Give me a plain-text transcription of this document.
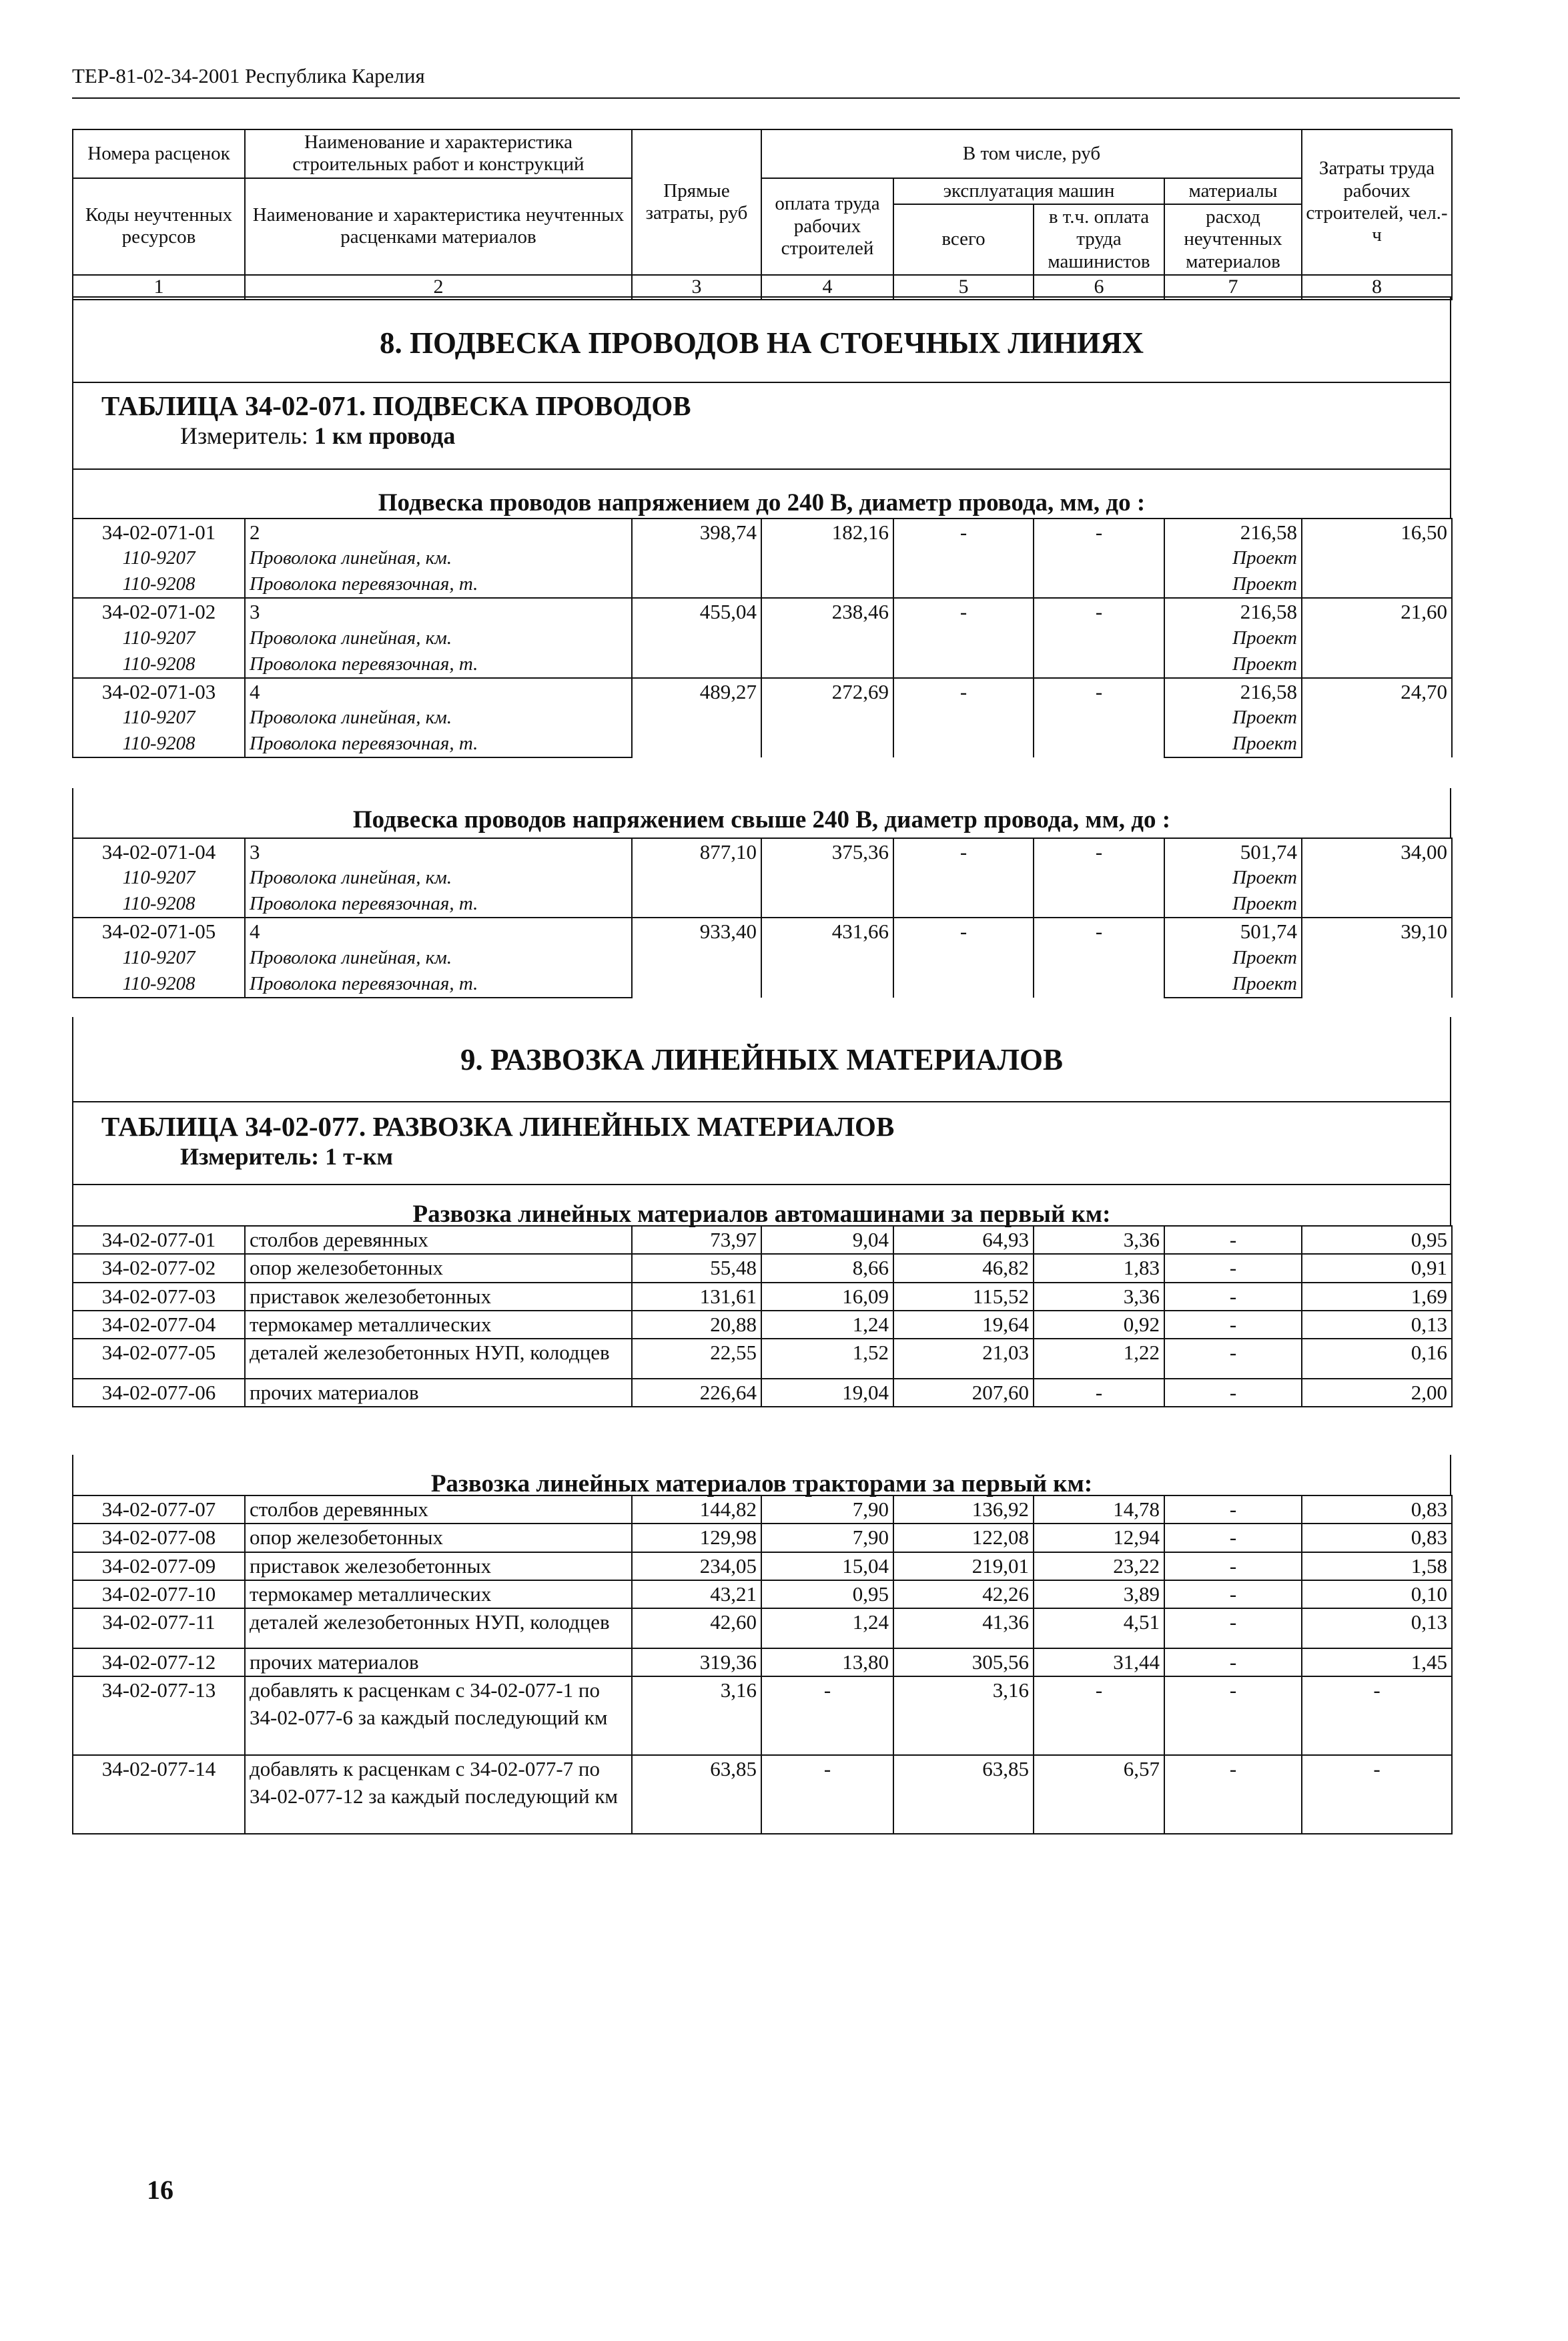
ТЕР-81-02-34-2001 Республика Карелия
Номера расценок	Наименование и характеристика строительных работ и конструкций	Прямые затраты, руб	В том числе, руб				Затраты труда рабочих строителей, чел.-ч
Коды неучтенных ресурсов	Наименование и характеристика неучтенных расценками материалов		оплата труда рабочих строителей	эксплуатация машин		материалы	
				всего	в т.ч. оплата труда машинистов	расход неучтенных материалов	

1	2	3	4	5	6	7	8
8. ПОДВЕСКА ПРОВОДОВ НА СТОЕЧНЫХ ЛИНИЯХ
ТАБЛИЦА 34-02-071. ПОДВЕСКА ПРОВОДОВ
Измеритель: 1 км провода
Подвеска проводов напряжением до 240 В, диаметр провода, мм, до :
34-02-071-01	2	398,74	182,16	-	-	216,58	16,50
110-9207	Проволока линейная, км.					Проект	
110-9208	Проволока перевязочная, т.					Проект	
34-02-071-02	3	455,04	238,46	-	-	216,58	21,60
110-9207	Проволока линейная, км.					Проект	
110-9208	Проволока перевязочная, т.					Проект	
34-02-071-03	4	489,27	272,69	-	-	216,58	24,70
110-9207	Проволока линейная, км.					Проект	
110-9208	Проволока перевязочная, т.					Проект	
Подвеска проводов напряжением свыше 240 В, диаметр провода, мм, до :
34-02-071-04	3	877,10	375,36	-	-	501,74	34,00
110-9207	Проволока линейная, км.					Проект	
110-9208	Проволока перевязочная, т.					Проект	
34-02-071-05	4	933,40	431,66	-	-	501,74	39,10
110-9207	Проволока линейная, км.					Проект	
110-9208	Проволока перевязочная, т.					Проект	
9. РАЗВОЗКА ЛИНЕЙНЫХ МАТЕРИАЛОВ
ТАБЛИЦА 34-02-077. РАЗВОЗКА ЛИНЕЙНЫХ МАТЕРИАЛОВ
Измеритель: 1 т-км
Развозка линейных материалов автомашинами за первый км:
34-02-077-01	столбов деревянных	73,97	9,04	64,93	3,36	-	0,95
34-02-077-02	опор железобетонных	55,48	8,66	46,82	1,83	-	0,91
34-02-077-03	приставок железобетонных	131,61	16,09	115,52	3,36	-	1,69
34-02-077-04	термокамер металлических	20,88	1,24	19,64	0,92	-	0,13
34-02-077-05	деталей железобетонных НУП, колодцев	22,55	1,52	21,03	1,22	-	0,16
34-02-077-06	прочих материалов	226,64	19,04	207,60	-	-	2,00
Развозка линейных материалов тракторами за первый км:
34-02-077-07	столбов деревянных	144,82	7,90	136,92	14,78	-	0,83
34-02-077-08	опор железобетонных	129,98	7,90	122,08	12,94	-	0,83
34-02-077-09	приставок железобетонных	234,05	15,04	219,01	23,22	-	1,58
34-02-077-10	термокамер металлических	43,21	0,95	42,26	3,89	-	0,10
34-02-077-11	деталей железобетонных НУП, колодцев	42,60	1,24	41,36	4,51	-	0,13
34-02-077-12	прочих материалов	319,36	13,80	305,56	31,44	-	1,45
34-02-077-13	добавлять к расценкам с 34-02-077-1 по 34-02-077-6 за каждый последующий км	3,16	-	3,16	-	-	-
34-02-077-14	добавлять к расценкам с 34-02-077-7 по 34-02-077-12 за каждый последующий км	63,85	-	63,85	6,57	-	-
16
